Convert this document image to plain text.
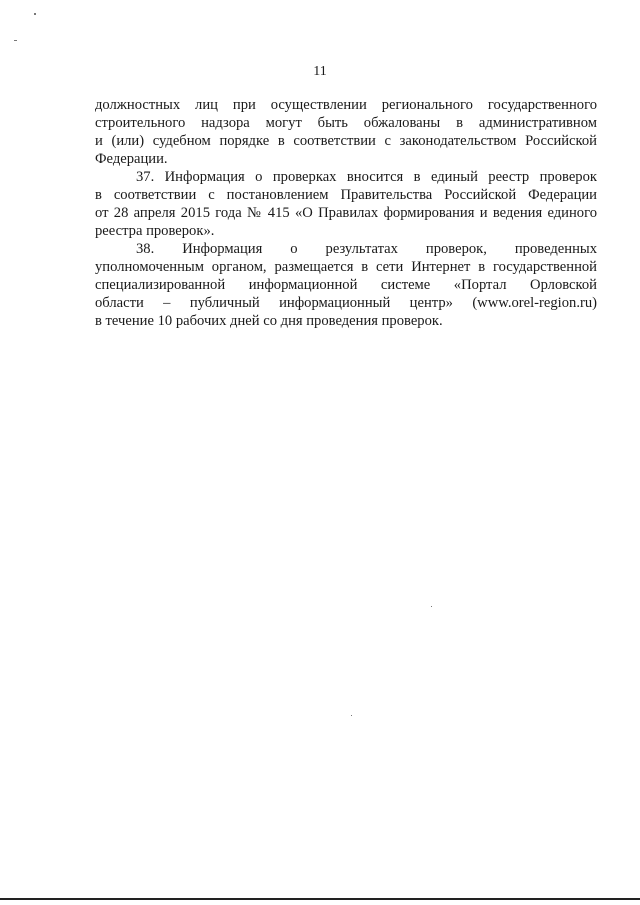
11
должностных лиц при осуществлении регионального государственного
строительного надзора могут быть обжалованы в административном
и (или) судебном порядке в соответствии с законодательством Российской
Федерации.
37. Информация о проверках вносится в единый реестр проверок
в соответствии с постановлением Правительства Российской Федерации
от 28 апреля 2015 года № 415 «О Правилах формирования и ведения единого
реестра проверок».
38. Информация о результатах проверок, проведенных
уполномоченным органом, размещается в сети Интернет в государственной
специализированной информационной системе «Портал Орловской
области – публичный информационный центр» (www.orel-region.ru)
в течение 10 рабочих дней со дня проведения проверок.
